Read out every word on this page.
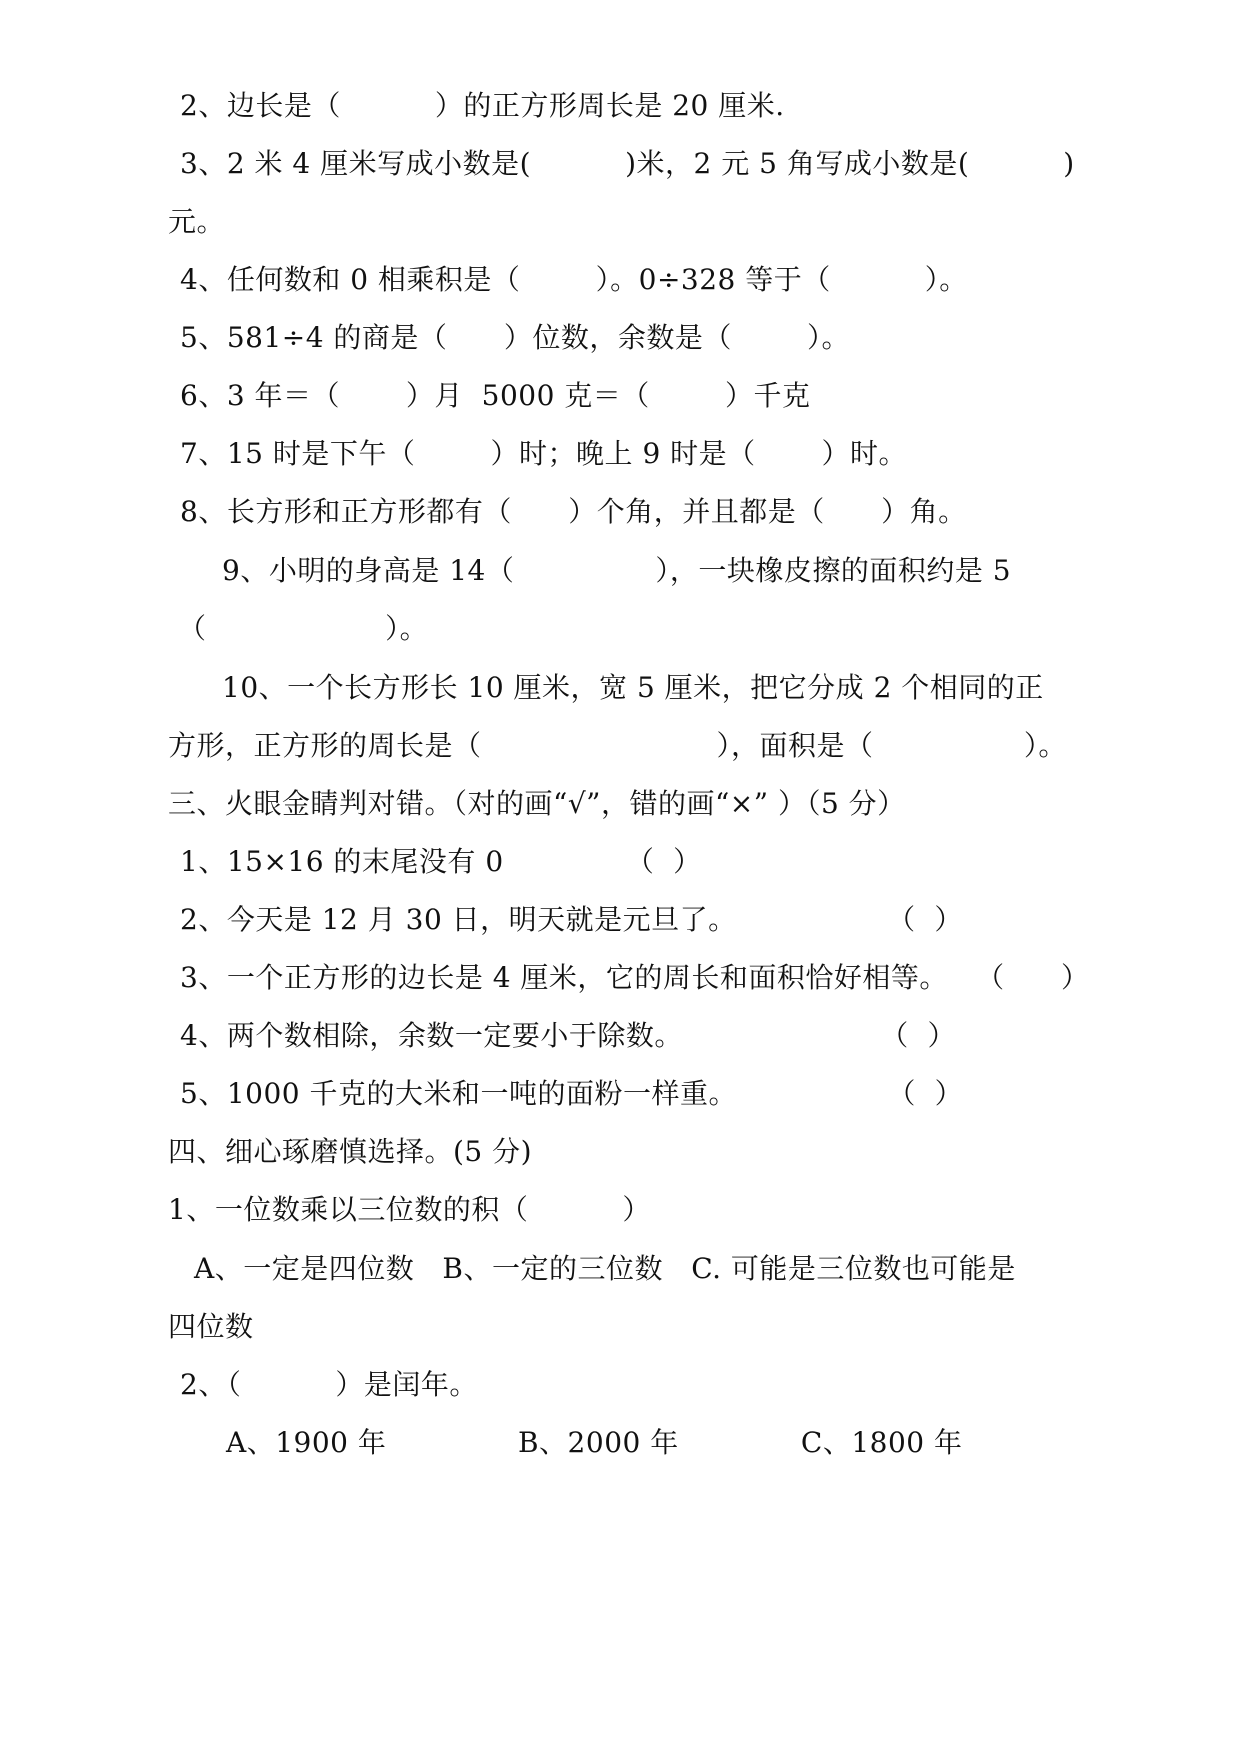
2、边长是（          ）的正方形周长是 20 厘米.
3、2 米 4 厘米写成小数是(          )米，2 元 5 角写成小数是(          )
元。
4、任何数和 0 相乘积是（        ）。0÷328 等于（          ）。
5、581÷4 的商是（      ）位数，余数是（        ）。
6、3 年＝（       ）月  5000 克＝（        ）千克
7、15 时是下午（        ）时；晚上 9 时是（       ）时。
8、长方形和正方形都有（      ）个角，并且都是（      ）角。
9、小明的身高是 14（               ），一块橡皮擦的面积约是 5
（                   ）。
10、一个长方形长 10 厘米，宽 5 厘米，把它分成 2 个相同的正
方形，正方形的周长是（                         ），面积是（                ）。
三、火眼金睛判对错。（对的画“√”，错的画“×” ）（5 分）
1、15×16 的末尾没有 0             （  ）
2、今天是 12 月 30 日，明天就是元旦了。                （  ）
3、一个正方形的边长是 4 厘米，它的周长和面积恰好相等。   （      ）
4、两个数相除，余数一定要小于除数。                     （  ）
5、1000 千克的大米和一吨的面粉一样重。                （  ）
四、细心琢磨慎选择。(5 分)
1、一位数乘以三位数的积（          ）
A、一定是四位数   B、一定的三位数   C. 可能是三位数也可能是
四位数
2、（          ）是闰年。
A、1900 年              B、2000 年             C、1800 年
